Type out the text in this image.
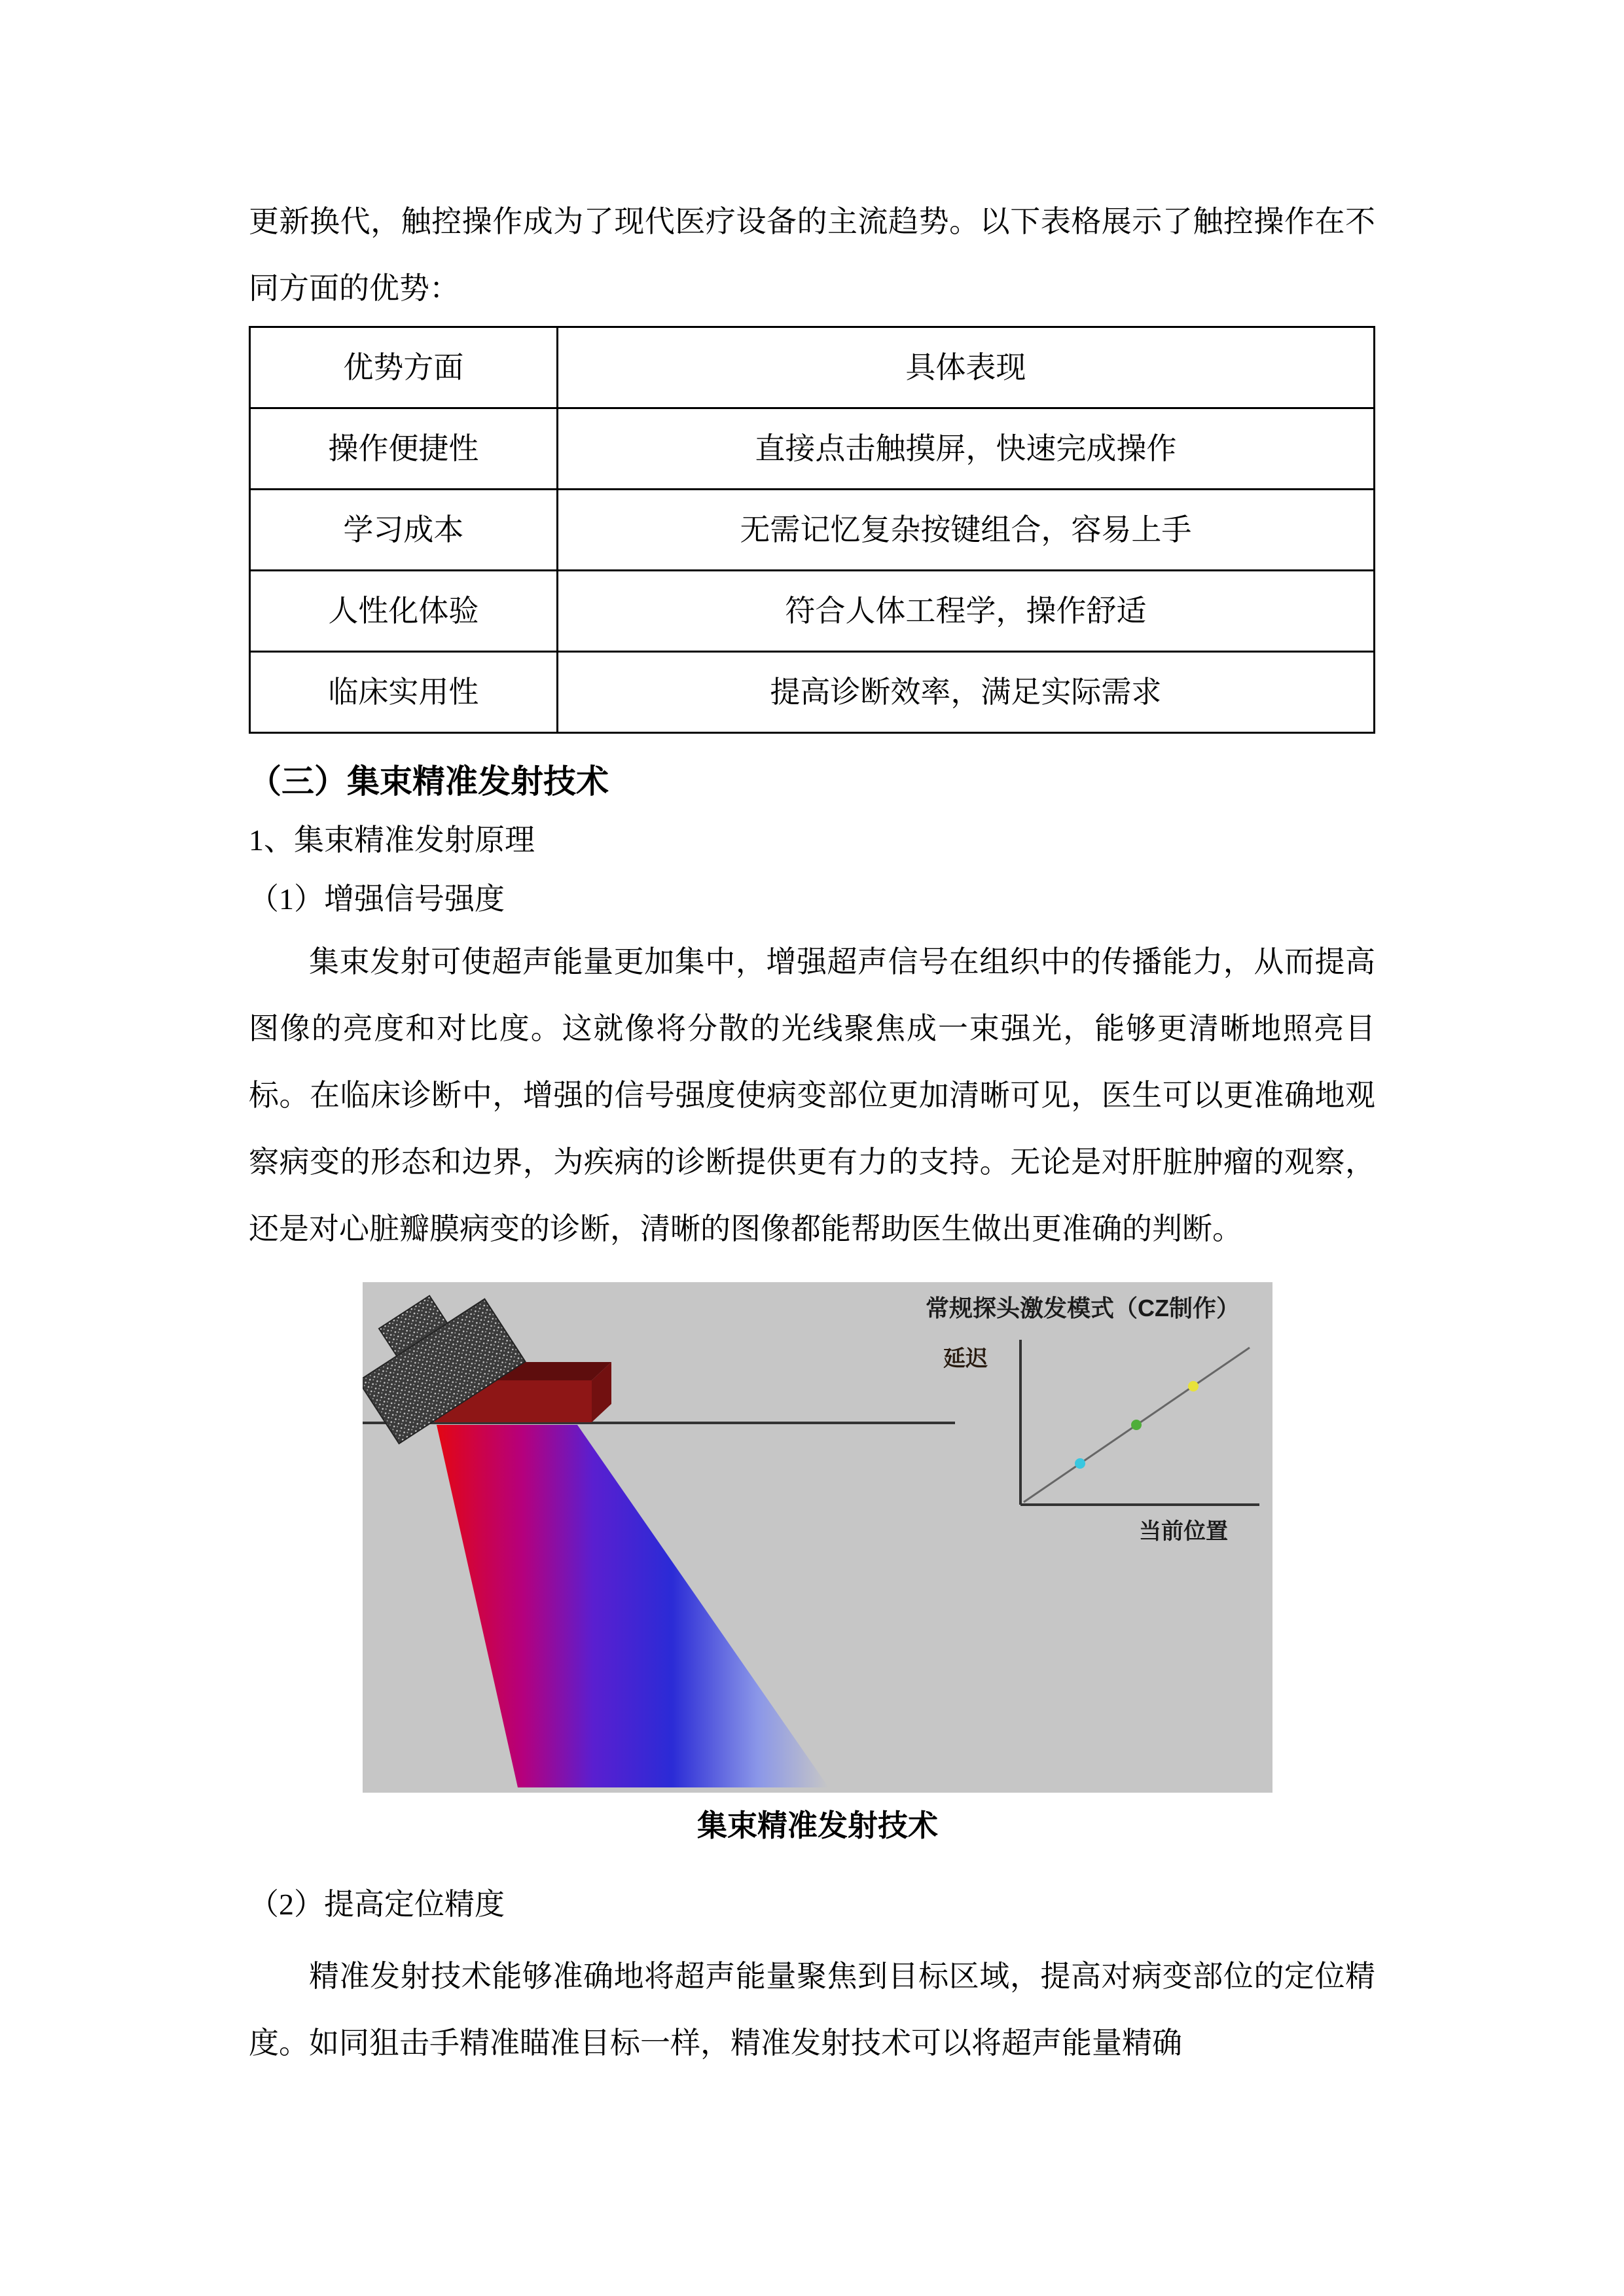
更新换代，触控操作成为了现代医疗设备的主流趋势。以下表格展示了触控操作在不同方面的优势：

优势方面	具体表现
操作便捷性	直接点击触摸屏，快速完成操作
学习成本	无需记忆复杂按键组合，容易上手
人性化体验	符合人体工程学，操作舒适
临床实用性	提高诊断效率，满足实际需求
（三）集束精准发射技术

1、集束精准发射原理

（1）增强信号强度

集束发射可使超声能量更加集中，增强超声信号在组织中的传播能力，从而提高图像的亮度和对比度。这就像将分散的光线聚焦成一束强光，能够更清晰地照亮目标。在临床诊断中，增强的信号强度使病变部位更加清晰可见，医生可以更准确地观察病变的形态和边界，为疾病的诊断提供更有力的支持。无论是对肝脏肿瘤的观察，还是对心脏瓣膜病变的诊断，清晰的图像都能帮助医生做出更准确的判断。

常规探头激发模式（CZ制作）
延迟
当前位置
集束精准发射技术

（2）提高定位精度

精准发射技术能够准确地将超声能量聚焦到目标区域，提高对病变部位的定位精度。如同狙击手精准瞄准目标一样，精准发射技术可以将超声能量精确
